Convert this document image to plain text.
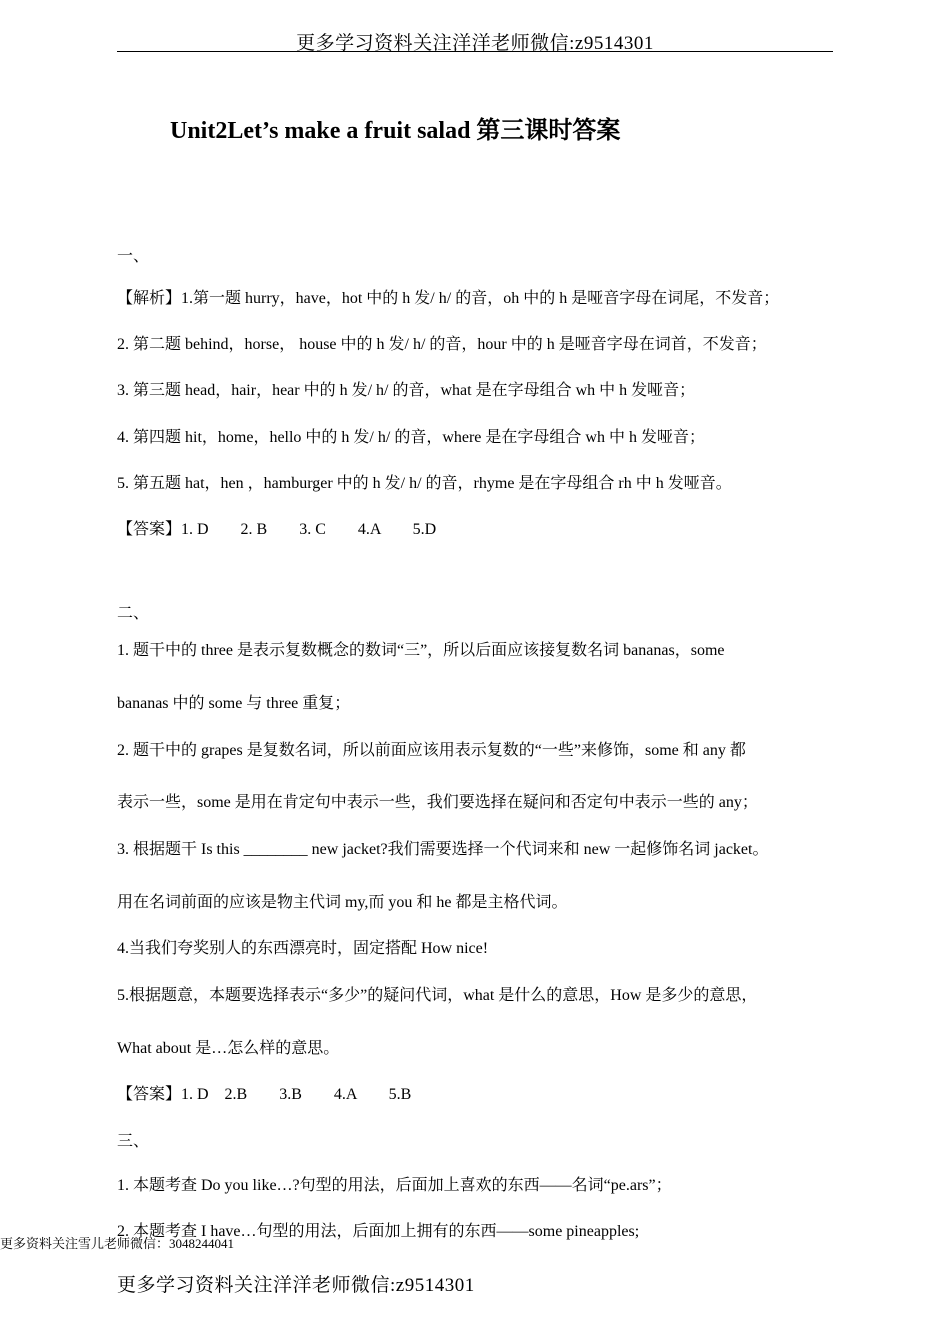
更多学习资料关注洋洋老师微信:z9514301
Unit2Let’s make a fruit salad 第三课时答案
一、
【解析】1.第一题 hurry，have，hot 中的 h 发/ h/ 的音，oh 中的 h 是哑音字母在词尾，不发音；
2. 第二题 behind，horse， house 中的 h 发/ h/ 的音，hour 中的 h 是哑音字母在词首，不发音；
3. 第三题 head，hair，hear 中的 h 发/ h/ 的音，what 是在字母组合 wh 中 h 发哑音；
4. 第四题 hit，home，hello 中的 h 发/ h/ 的音，where 是在字母组合 wh 中 h 发哑音；
5. 第五题 hat，hen ，hamburger 中的 h 发/ h/ 的音，rhyme 是在字母组合 rh 中 h 发哑音。
【答案】1. D　　2. B　　3. C　　4.A　　5.D
二、
1. 题干中的 three 是表示复数概念的数词“三”，所以后面应该接复数名词 bananas，some
bananas 中的 some 与 three 重复；
2. 题干中的 grapes 是复数名词，所以前面应该用表示复数的“一些”来修饰，some 和 any 都
表示一些，some 是用在肯定句中表示一些，我们要选择在疑问和否定句中表示一些的 any；
3. 根据题干 Is this ________ new jacket?我们需要选择一个代词来和 new 一起修饰名词 jacket。
用在名词前面的应该是物主代词 my,而 you 和 he 都是主格代词。
4.当我们夸奖别人的东西漂亮时，固定搭配 How nice!
5.根据题意，本题要选择表示“多少”的疑问代词，what 是什么的意思，How 是多少的意思，
What about 是…怎么样的意思。
【答案】1. D　2.B　　3.B　　4.A　　5.B
三、
1. 本题考查 Do you like…?句型的用法，后面加上喜欢的东西——名词“pe.ars”；
2. 本题考查 I have…句型的用法，后面加上拥有的东西——some pineapples;
更多资料关注雪儿老师微信：3048244041
更多学习资料关注洋洋老师微信:z9514301
